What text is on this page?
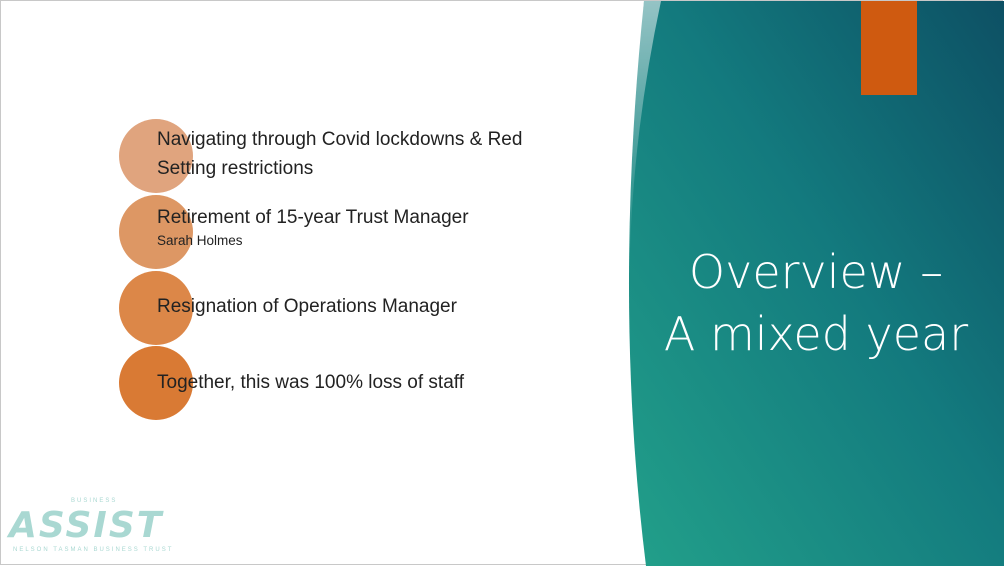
Navigating through Covid lockdowns & Red Setting restrictions
Retirement of 15-year Trust Manager
Sarah Holmes
Resignation of Operations Manager
Together, this was 100% loss of staff
Overview –
A mixed year
BUSINESS
ASSIST
NELSON TASMAN BUSINESS TRUST
